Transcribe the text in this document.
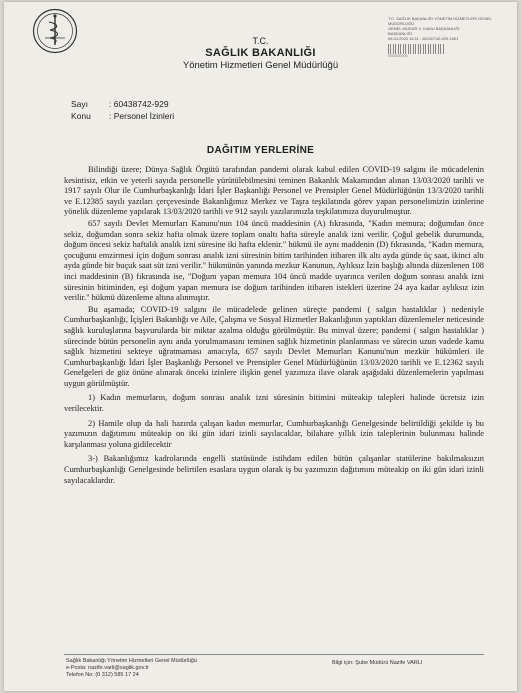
T.C. SAĞLIK BAKANLIĞI YÖNETİM HİZMETLERİ GENEL MÜDÜRLÜĞÜ
GENEL MÜDÜR V. KAMU BAŞKANLIĞI
BAŞKANLIĞI
06.04.2020 16:11 - 80130742-929-1601
0000000000
T.C.
SAĞLIK BAKANLIĞI
Yönetim Hizmetleri Genel Müdürlüğü
Sayı	: 60438742-929
Konu	: Personel İzinleri
DAĞITIM YERLERİNE

Bilindiği üzere; Dünya Sağlık Örgütü tarafından pandemi olarak kabul edilen COVID-19 salgını ile mücadelenin kesintisiz, etkin ve yeterli sayıda personelle yürütülebilmesini teminen Bakanlık Makamından alınan 13/03/2020 tarihli ve 1917 sayılı Olur ile Cumhurbaşkanlığı İdari İşler Başkanlığı Personel ve Prensipler Genel Müdürlüğünün 13/3/2020 tarihli ve E.12385 sayılı yazıları çerçevesinde Bakanlığımız Merkez ve Taşra teşkilatında görev yapan personelimizin izinlerine yönelik düzenleme yapılarak 13/03/2020 tarihli ve 912 sayılı yazılarımızla teşkilatımıza duyurulmuştur.

657 sayılı Devlet Memurları Kanunu'nun 104 üncü maddesinin (A) fıkrasında, "Kadın memura; doğumdan önce sekiz, doğumdan sonra sekiz hafta olmak üzere toplam onaltı hafta süreyle analık izni verilir. Çoğul gebelik durumunda, doğum öncesi sekiz haftalık analık izni süresine iki hafta eklenir." hükmü ile aynı maddenin (D) fıkrasında, "Kadın memura, çocuğunu emzirmesi için doğum sonrası analık izni süresinin bitim tarihinden itibaren ilk altı ayda günde üç saat, ikinci altı ayda günde bir buçuk saat süt izni verilir." hükmünün yanında mezkur Kanunun, Aylıksız İzin başlığı altında düzenlenen 108 inci maddesinin (B) fıkrasında ise, "Doğum yapan memura 104 üncü madde uyarınca verilen doğum sonrası analık izni süresinin bitiminden, eşi doğum yapan memura ise doğum tarihinden itibaren istekleri üzerine 24 aya kadar aylıksız izin verilir." hükmü düzenleme altına alınmıştır.

Bu aşamada; COVID-19 salgını ile mücadelede gelinen süreçte pandemi ( salgın hastalıklar ) nedeniyle Cumhurbaşkanlığı, İçişleri Bakanlığı ve Aile, Çalışma ve Sosyal Hizmetler Bakanlığının yaptıkları düzenlemeler neticesinde sağlık kuruluşlarına başvurularda bir miktar azalma olduğu görülmüştür. Bu minval üzere; pandemi ( salgın hastalıklar ) sürecinde bütün personelin aynı anda yorulmamasını teminen sağlık hizmetinin planlanması ve sürecin uzun vadede kamu sağlık hizmetini sekteye uğratmaması amacıyla, 657 sayılı Devlet Memurları Kanunu'nun mezkür hükümleri ile Cumhurbaşkanlığı İdari İşler Başkanlığı Personel ve Prensipler Genel Müdürlüğünün 13/03/2020 tarihli ve E.12362 sayılı Genelgeleri de göz önüne alınarak önceki izinlere ilişkin genel yazımıza ilave olarak aşağıdaki düzenlemelerin yapılması uygun görülmüştür.

1) Kadın memurların, doğum sonrası analık izni süresinin bitimini müteakip talepleri halinde ücretsiz izin verilecektir.

2) Hamile olup da hali hazırda çalışan kadın memurlar, Cumhurbaşkanlığı Genelgesinde belirtildiği şekilde iş bu yazımızın dağıtımını müteakip on iki gün idari izinli sayılacaklar, bilahare yıllık izin taleplerinin bulunması halinde karşılanması yoluna gidilecektir

3-) Bakanlığımız kadrolarında engelli statüsünde istihdam edilen bütün çalışanlar statülerine bakılmaksızın Cumhurbaşkanlığı Genelgesinde belirtilen esaslara uygun olarak iş bu yazımızın dağıtımını müteakip on iki gün idari izinli sayılacaklardır.

Sağlık Bakanlığı Yönetim Hizmetleri Genel Müdürlüğü
e-Posta: nazife.varli@saglik.gov.tr
Telefon No: (0 312) 585 17 24
Bilgi için: Şube Müdürü Nazife VARLI
